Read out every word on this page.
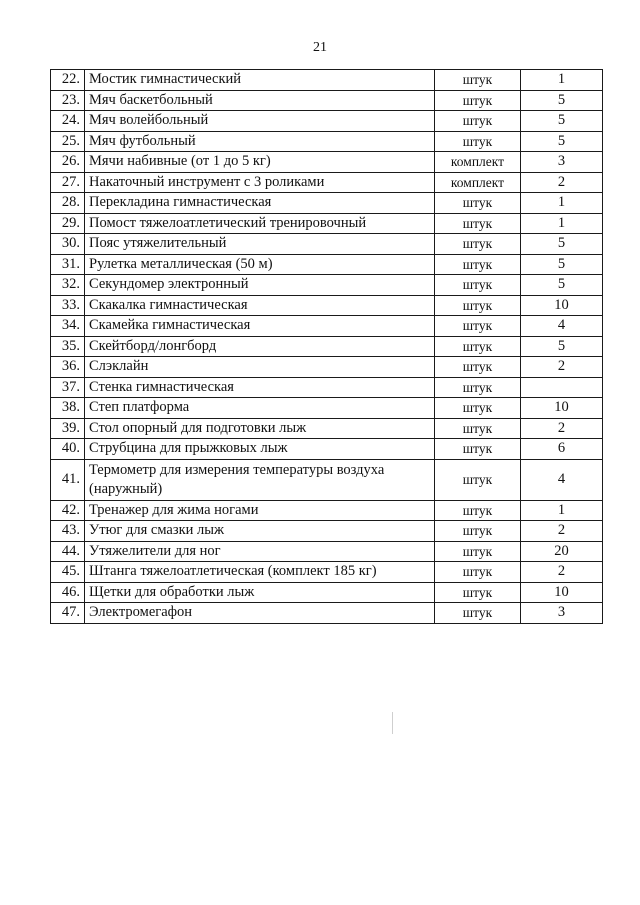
21
22.	Мостик гимнастический	штук	1
23.	Мяч баскетбольный	штук	5
24.	Мяч волейбольный	штук	5
25.	Мяч футбольный	штук	5
26.	Мячи набивные (от 1 до 5 кг)	комплект	3
27.	Накаточный инструмент с 3 роликами	комплект	2
28.	Перекладина гимнастическая	штук	1
29.	Помост тяжелоатлетический тренировочный	штук	1
30.	Пояс утяжелительный	штук	5
31.	Рулетка металлическая (50 м)	штук	5
32.	Секундомер электронный	штук	5
33.	Скакалка гимнастическая	штук	10
34.	Скамейка гимнастическая	штук	4
35.	Скейтборд/лонгборд	штук	5
36.	Слэклайн	штук	2
37.	Стенка гимнастическая	штук	
38.	Степ платформа	штук	10
39.	Стол опорный для подготовки лыж	штук	2
40.	Струбцина для прыжковых лыж	штук	6
41.	Термометр для измерения температуры воздуха (наружный)	штук	4
42.	Тренажер для жима ногами	штук	1
43.	Утюг для смазки лыж	штук	2
44.	Утяжелители для ног	штук	20
45.	Штанга тяжелоатлетическая (комплект 185 кг)	штук	2
46.	Щетки для обработки лыж	штук	10
47.	Электромегафон	штук	3
